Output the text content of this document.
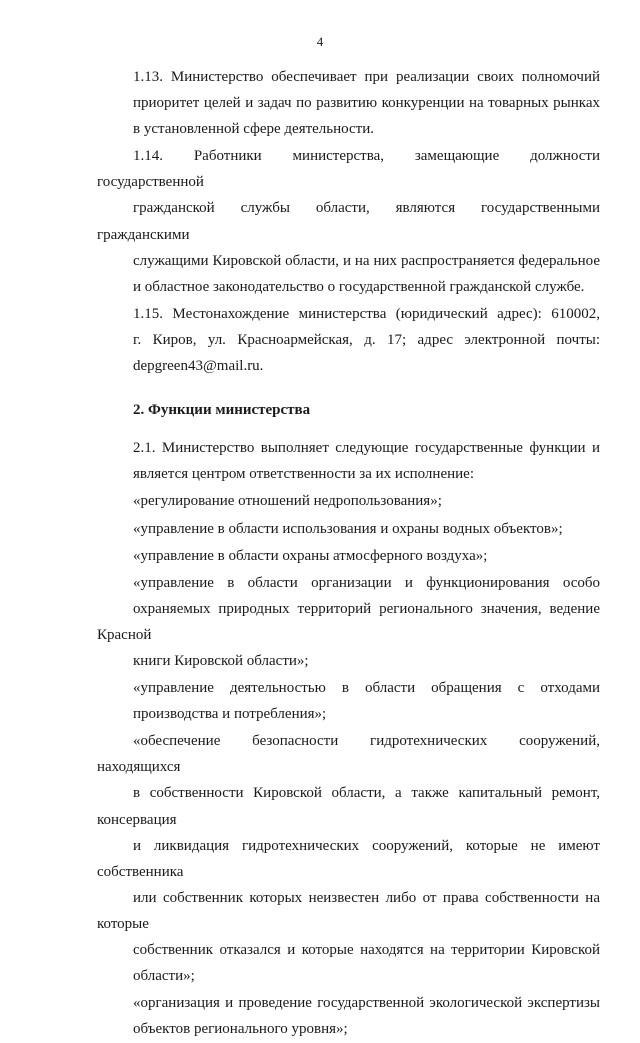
4
1.13. Министерство обеспечивает при реализации своих полномочий
приоритет целей и задач по развитию конкуренции на товарных рынках
в установленной сфере деятельности.
1.14. Работники министерства, замещающие должности государственной
гражданской службы области, являются государственными гражданскими
служащими Кировской области, и на них распространяется федеральное
и областное законодательство о государственной гражданской службе.
1.15. Местонахождение министерства (юридический адрес): 610002,
г. Киров, ул. Красноармейская, д. 17; адрес электронной почты:
depgreen43@mail.ru.
2. Функции министерства
2.1. Министерство выполняет следующие государственные функции и
является центром ответственности за их исполнение:
«регулирование отношений недропользования»;
«управление в области использования и охраны водных объектов»;
«управление в области охраны атмосферного воздуха»;
«управление в области организации и функционирования особо
охраняемых природных территорий регионального значения, ведение Красной
книги Кировской области»;
«управление деятельностью в области обращения с отходами
производства и потребления»;
«обеспечение безопасности гидротехнических сооружений, находящихся
в собственности Кировской области, а также капитальный ремонт, консервация
и ликвидация гидротехнических сооружений, которые не имеют собственника
или собственник которых неизвестен либо от права собственности на которые
собственник отказался и которые находятся на территории Кировской
области»;
«организация и проведение государственной экологической экспертизы
объектов регионального уровня»;
